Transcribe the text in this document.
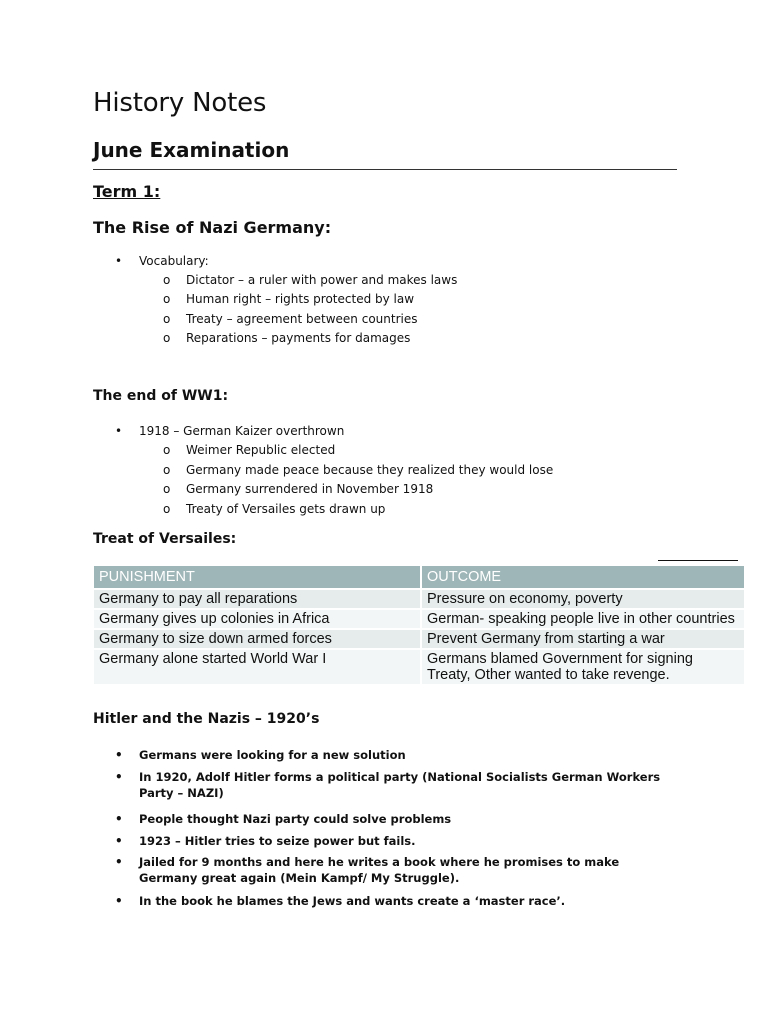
History Notes
June Examination
Term 1:
The Rise of Nazi Germany:
• Vocabulary:
o Dictator – a ruler with power and makes laws
o Human right – rights protected by law
o Treaty – agreement between countries
o Reparations – payments for damages
The end of WW1:
• 1918 – German Kaizer overthrown
o Weimer Republic elected
o Germany made peace because they realized they would lose
o Germany surrendered in November 1918
o Treaty of Versailes gets drawn up
Treat of Versailes:
PUNISHMENT	OUTCOME
Germany to pay all reparations	Pressure on economy, poverty
Germany gives up colonies in Africa	German- speaking people live in other countries
Germany to size down armed forces	Prevent Germany from starting a war
Germany alone started World War I	Germans blamed Government for signing Treaty, Other wanted to take revenge.
Hitler and the Nazis – 1920’s
• Germans were looking for a new solution
• In 1920, Adolf Hitler forms a political party (National Socialists German Workers Party – NAZI)
• People thought Nazi party could solve problems
• 1923 – Hitler tries to seize power but fails.
• Jailed for 9 months and here he writes a book where he promises to make Germany great again (Mein Kampf/ My Struggle).
• In the book he blames the Jews and wants create a ‘master race’.
